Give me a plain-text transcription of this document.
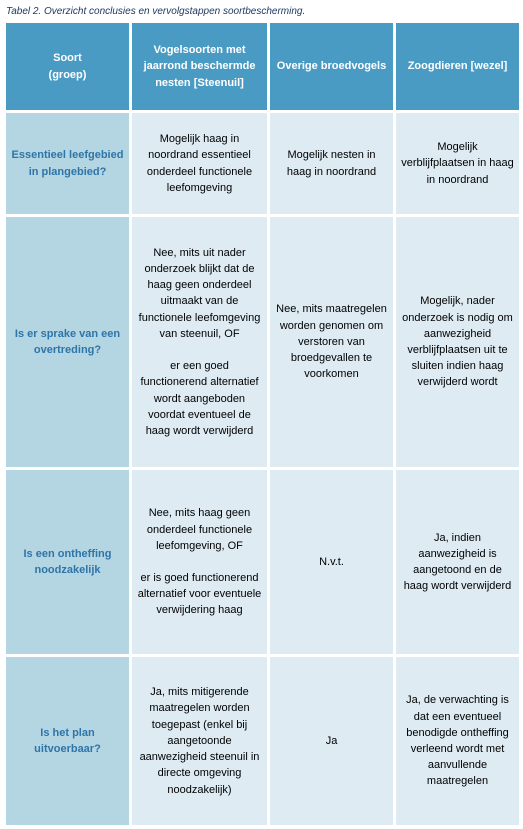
Tabel 2. Overzicht conclusies en vervolgstappen soortbescherming.
Soort
(groep)
Vogelsoorten met jaarrond beschermde nesten [Steenuil]
Overige broedvogels Zoogdieren [wezel]
Essentieel leefgebied in plangebied?
Mogelijk haag in noordrand essentieel onderdeel functionele leefomgeving
Mogelijk nesten in haag in noordrand
Mogelijk verblijfplaatsen in haag in noordrand
Is er sprake van een overtreding?
Nee, mits uit nader onderzoek blijkt dat de haag geen onderdeel uitmaakt van de functionele leefomgeving van steenuil, OF
er een goed functionerend alternatief wordt aangeboden voordat eventueel de haag wordt verwijderd
Nee, mits maatregelen worden genomen om verstoren van broedgevallen te voorkomen
Mogelijk, nader onderzoek is nodig om aanwezigheid verblijfplaatsen uit te sluiten indien haag verwijderd wordt
Is een ontheffing noodzakelijk
Nee, mits haag geen onderdeel functionele leefomgeving, OF
er is goed functionerend alternatief voor eventuele verwijdering haag
N.v.t.
Ja, indien aanwezigheid is aangetoond en de haag wordt verwijderd
Is het plan uitvoerbaar?
Ja, mits mitigerende maatregelen worden toegepast (enkel bij aangetoonde aanwezigheid steenuil in directe omgeving noodzakelijk)
Ja
Ja, de verwachting is dat een eventueel benodigde ontheffing verleend wordt met aanvullende maatregelen
